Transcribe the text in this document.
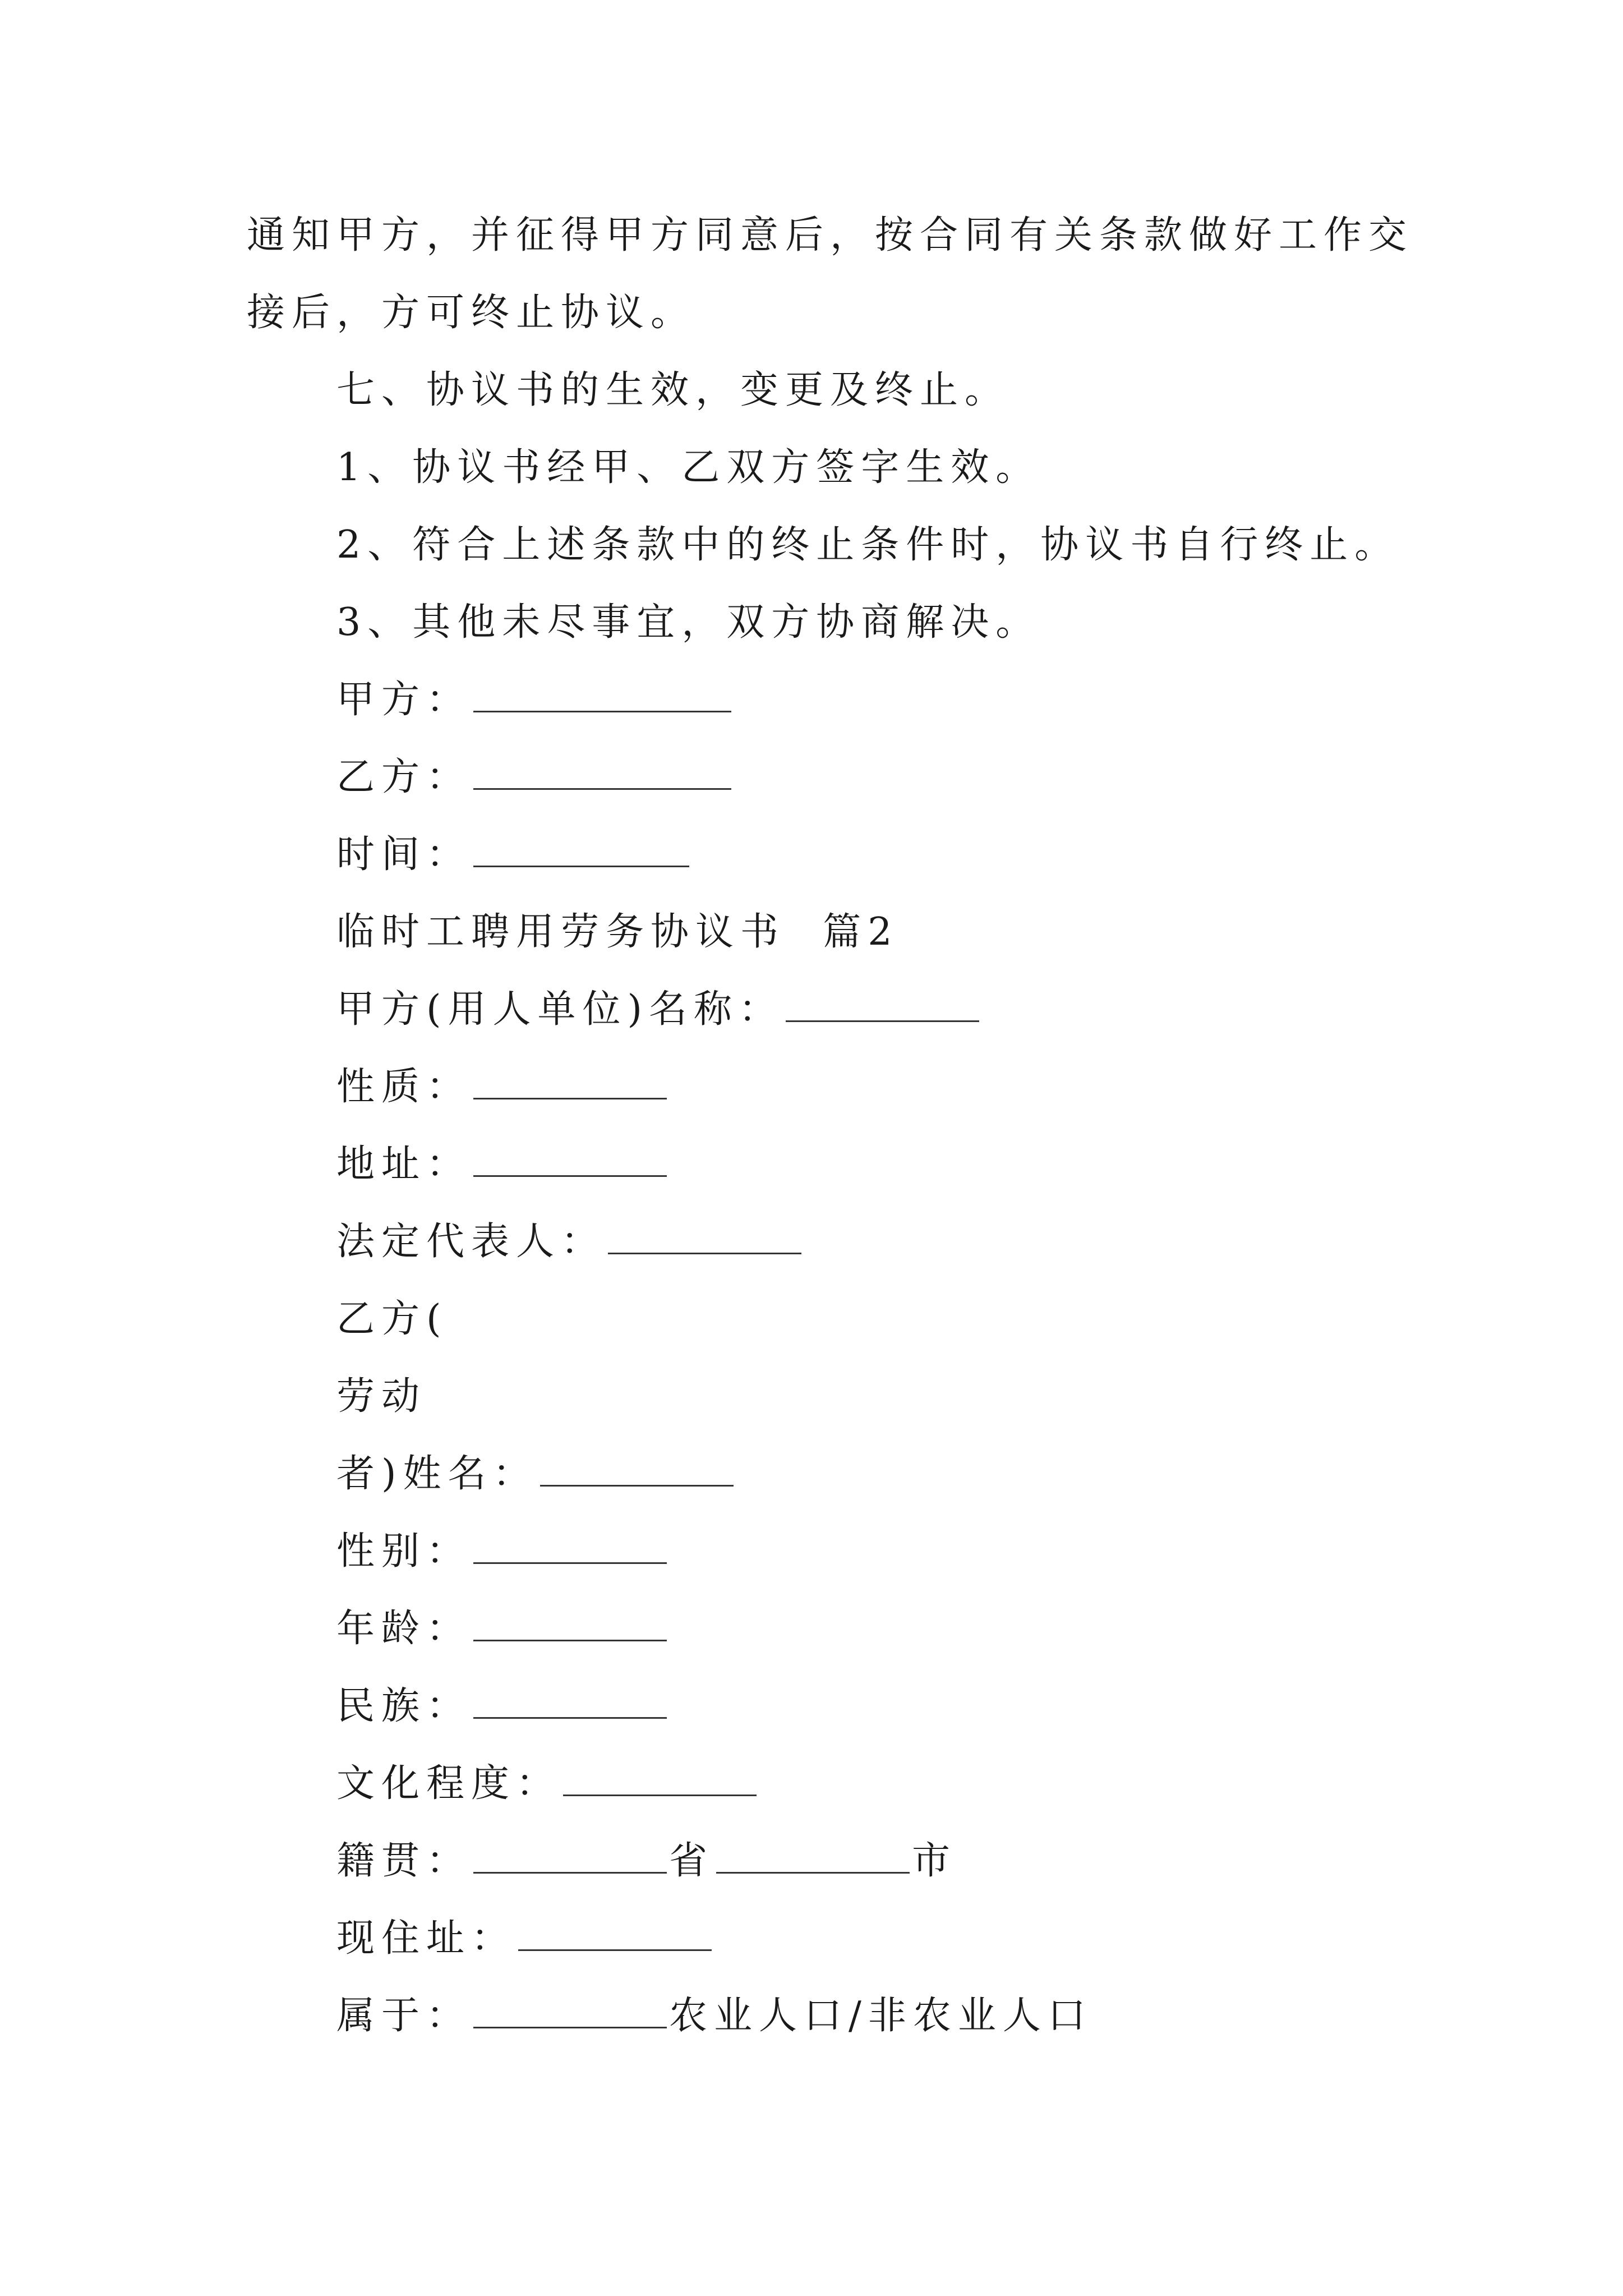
通知甲方，并征得甲方同意后，按合同有关条款做好工作交
接后，方可终止协议。
七、协议书的生效，变更及终止。
1、协议书经甲、乙双方签字生效。
2、符合上述条款中的终止条件时，协议书自行终止。
3、其他未尽事宜，双方协商解决。
甲方：
乙方：
时间：
临时工聘用劳务协议书  篇2
甲方(用人单位)名称：
性质：
地址：
法定代表人：
乙方(
劳动
者)姓名：
性别：
年龄：
民族：
文化程度：
籍贯：	省	市
现住址：
属于：	农业人口/非农业人口
